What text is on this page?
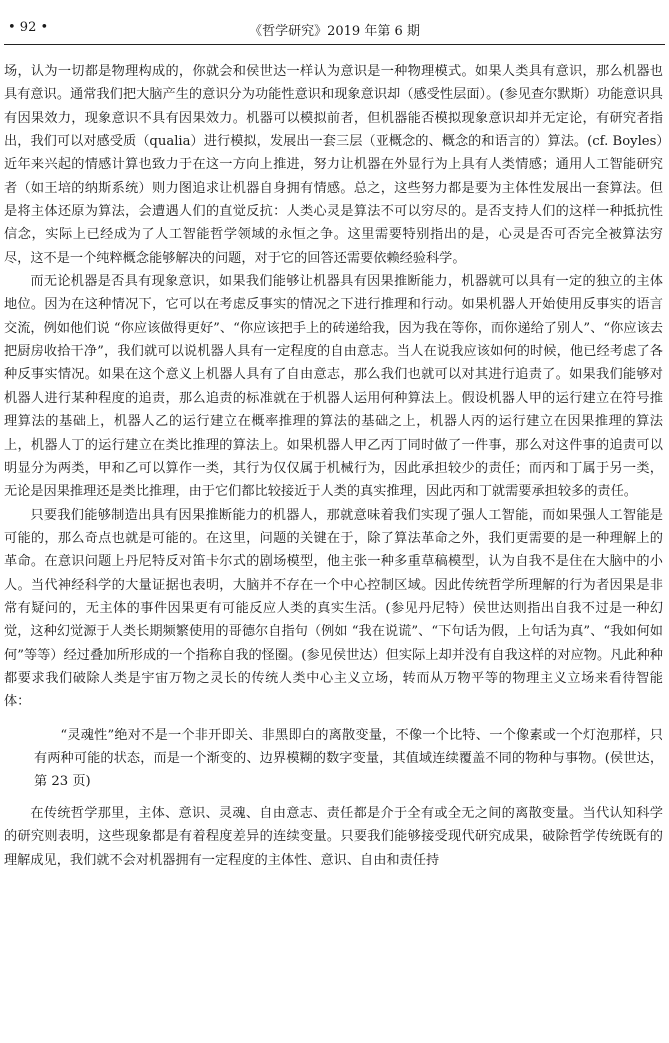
• 92 •	《哲学研究》2019 年第 6 期

场，认为一切都是物理构成的，你就会和侯世达一样认为意识是一种物理模式。如果人类具有意识，那么机器也具有意识。通常我们把大脑产生的意识分为功能性意识和现象意识却（感受性层面）。(参见查尔默斯）功能意识具有因果效力，现象意识不具有因果效力。机器可以模拟前者，但机器能否模拟现象意识却并无定论，有研究者指出，我们可以对感受质（qualia）进行模拟，发展出一套三层（亚概念的、概念的和语言的）算法。(cf. Boyles）近年来兴起的情感计算也致力于在这一方向上推进，努力让机器在外显行为上具有人类情感；通用人工智能研究者（如王培的纳斯系统）则力图追求让机器自身拥有情感。总之，这些努力都是要为主体性发展出一套算法。但是将主体还原为算法，会遭遇人们的直觉反抗：人类心灵是算法不可以穷尽的。是否支持人们的这样一种抵抗性信念，实际上已经成为了人工智能哲学领域的永恒之争。这里需要特别指出的是，心灵是否可否完全被算法穷尽，这不是一个纯粹概念能够解决的问题，对于它的回答还需要依赖经验科学。

而无论机器是否具有现象意识，如果我们能够让机器具有因果推断能力，机器就可以具有一定的独立的主体地位。因为在这种情况下，它可以在考虑反事实的情况之下进行推理和行动。如果机器人开始使用反事实的语言交流，例如他们说 “你应该做得更好”、“你应该把手上的砖递给我，因为我在等你，而你递给了别人”、“你应该去把厨房收拾干净”，我们就可以说机器人具有一定程度的自由意志。当人在说我应该如何的时候，他已经考虑了各种反事实情况。如果在这个意义上机器人具有了自由意志，那么我们也就可以对其进行追责了。如果我们能够对机器人进行某种程度的追责，那么追责的标准就在于机器人运用何种算法上。假设机器人甲的运行建立在符号推理算法的基础上，机器人乙的运行建立在概率推理的算法的基础之上，机器人丙的运行建立在因果推理的算法上，机器人丁的运行建立在类比推理的算法上。如果机器人甲乙丙丁同时做了一件事，那么对这件事的追责可以明显分为两类，甲和乙可以算作一类，其行为仅仅属于机械行为，因此承担较少的责任；而丙和丁属于另一类，无论是因果推理还是类比推理，由于它们都比较接近于人类的真实推理，因此丙和丁就需要承担较多的责任。

只要我们能够制造出具有因果推断能力的机器人，那就意味着我们实现了强人工智能，而如果强人工智能是可能的，那么奇点也就是可能的。在这里，问题的关键在于，除了算法革命之外，我们更需要的是一种理解上的革命。在意识问题上丹尼特反对笛卡尔式的剧场模型，他主张一种多重草稿模型，认为自我不是住在大脑中的小人。当代神经科学的大量证据也表明，大脑并不存在一个中心控制区域。因此传统哲学所理解的行为者因果是非常有疑问的，无主体的事件因果更有可能反应人类的真实生活。(参见丹尼特）侯世达则指出自我不过是一种幻觉，这种幻觉源于人类长期频繁使用的哥德尔自指句（例如 “我在说谎”、“下句话为假，上句话为真”、“我如何如何”等等）经过叠加所形成的一个指称自我的怪圈。(参见侯世达）但实际上却并没有自我这样的对应物。凡此种种都要求我们破除人类是宇宙万物之灵长的传统人类中心主义立场，转而从万物平等的物理主义立场来看待智能体：

“灵魂性”绝对不是一个非开即关、非黑即白的离散变量，不像一个比特、一个像素或一个灯泡那样，只有两种可能的状态，而是一个渐变的、边界模糊的数字变量，其值域连续覆盖不同的物种与事物。(侯世达，第 23 页)

在传统哲学那里，主体、意识、灵魂、自由意志、责任都是介于全有或全无之间的离散变量。当代认知科学的研究则表明，这些现象都是有着程度差异的连续变量。只要我们能够接受现代研究成果，破除哲学传统既有的理解成见，我们就不会对机器拥有一定程度的主体性、意识、自由和责任持
